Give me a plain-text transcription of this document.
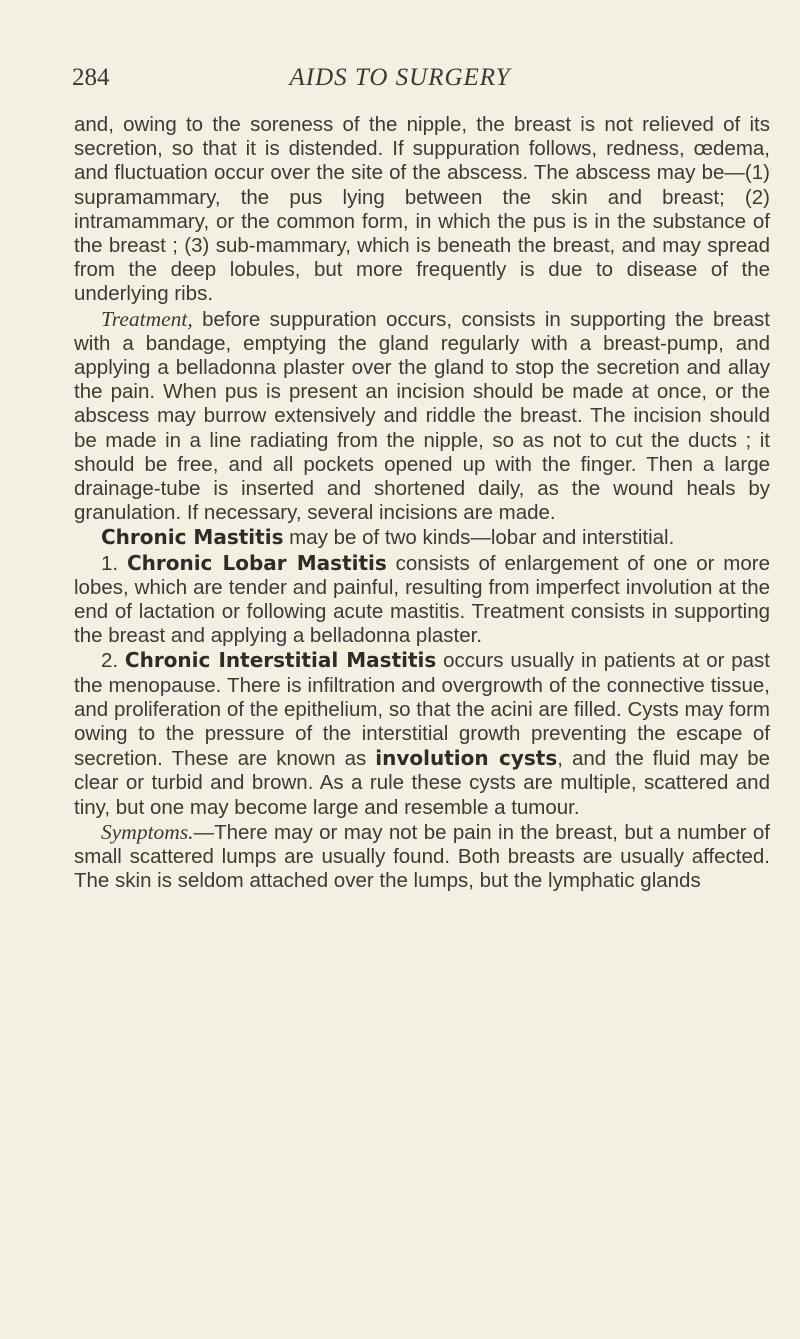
284	AIDS TO SURGERY

and, owing to the soreness of the nipple, the breast is not relieved of its secretion, so that it is distended. If suppuration follows, redness, œdema, and fluctuation occur over the site of the abscess. The abscess may be—(1) supramammary, the pus lying between the skin and breast; (2) intramammary, or the common form, in which the pus is in the substance of the breast ; (3) sub-mammary, which is beneath the breast, and may spread from the deep lobules, but more frequently is due to disease of the underlying ribs.

Treatment, before suppuration occurs, consists in supporting the breast with a bandage, emptying the gland regularly with a breast-pump, and applying a belladonna plaster over the gland to stop the secretion and allay the pain. When pus is present an incision should be made at once, or the abscess may burrow extensively and riddle the breast. The incision should be made in a line radiating from the nipple, so as not to cut the ducts ; it should be free, and all pockets opened up with the finger. Then a large drainage-tube is inserted and shortened daily, as the wound heals by granulation. If necessary, several incisions are made.

Chronic Mastitis may be of two kinds—lobar and interstitial.

1. Chronic Lobar Mastitis consists of enlargement of one or more lobes, which are tender and painful, resulting from imperfect involution at the end of lactation or following acute mastitis. Treatment consists in supporting the breast and applying a belladonna plaster.

2. Chronic Interstitial Mastitis occurs usually in patients at or past the menopause. There is infiltration and overgrowth of the connective tissue, and proliferation of the epithelium, so that the acini are filled. Cysts may form owing to the pressure of the interstitial growth preventing the escape of secretion. These are known as involution cysts, and the fluid may be clear or turbid and brown. As a rule these cysts are multiple, scattered and tiny, but one may become large and resemble a tumour.

Symptoms.—There may or may not be pain in the breast, but a number of small scattered lumps are usually found. Both breasts are usually affected. The skin is seldom attached over the lumps, but the lymphatic glands
